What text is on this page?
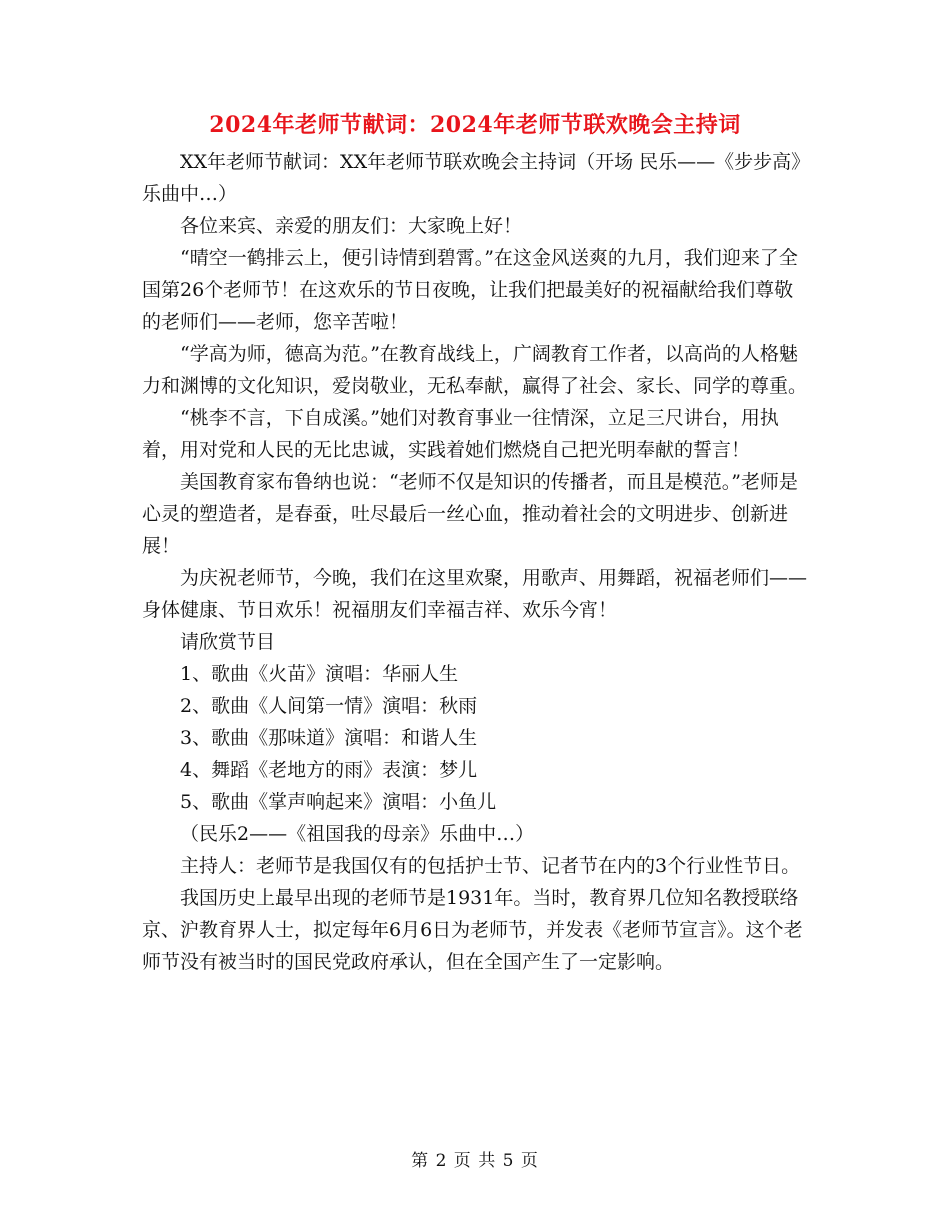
2024年老师节献词：2024年老师节联欢晚会主持词

XX年老师节献词：XX年老师节联欢晚会主持词（开场 民乐——《步步高》乐曲中…）

各位来宾、亲爱的朋友们：大家晚上好！

“晴空一鹤排云上，便引诗情到碧霄。”在这金风送爽的九月，我们迎来了全国第26个老师节！在这欢乐的节日夜晚，让我们把最美好的祝福献给我们尊敬的老师们——老师，您辛苦啦！

“学高为师，德高为范。”在教育战线上，广阔教育工作者，以高尚的人格魅力和渊博的文化知识，爱岗敬业，无私奉献，赢得了社会、家长、同学的尊重。

“桃李不言，下自成溪。”她们对教育事业一往情深，立足三尺讲台，用执着，用对党和人民的无比忠诚，实践着她们燃烧自己把光明奉献的誓言！

美国教育家布鲁纳也说：“老师不仅是知识的传播者，而且是模范。”老师是心灵的塑造者，是春蚕，吐尽最后一丝心血，推动着社会的文明进步、创新进展！

为庆祝老师节，今晚，我们在这里欢聚，用歌声、用舞蹈，祝福老师们——身体健康、节日欢乐！祝福朋友们幸福吉祥、欢乐今宵！

请欣赏节目

1、歌曲《火苗》演唱：华丽人生

2、歌曲《人间第一情》演唱：秋雨

3、歌曲《那味道》演唱：和谐人生

4、舞蹈《老地方的雨》表演：梦儿

5、歌曲《掌声响起来》演唱：小鱼儿

（民乐2——《祖国我的母亲》乐曲中…）

主持人：老师节是我国仅有的包括护士节、记者节在内的3个行业性节日。

我国历史上最早出现的老师节是1931年。当时，教育界几位知名教授联络京、沪教育界人士，拟定每年6月6日为老师节，并发表《老师节宣言》。这个老师节没有被当时的国民党政府承认，但在全国产生了一定影响。

第 2 页 共 5 页
